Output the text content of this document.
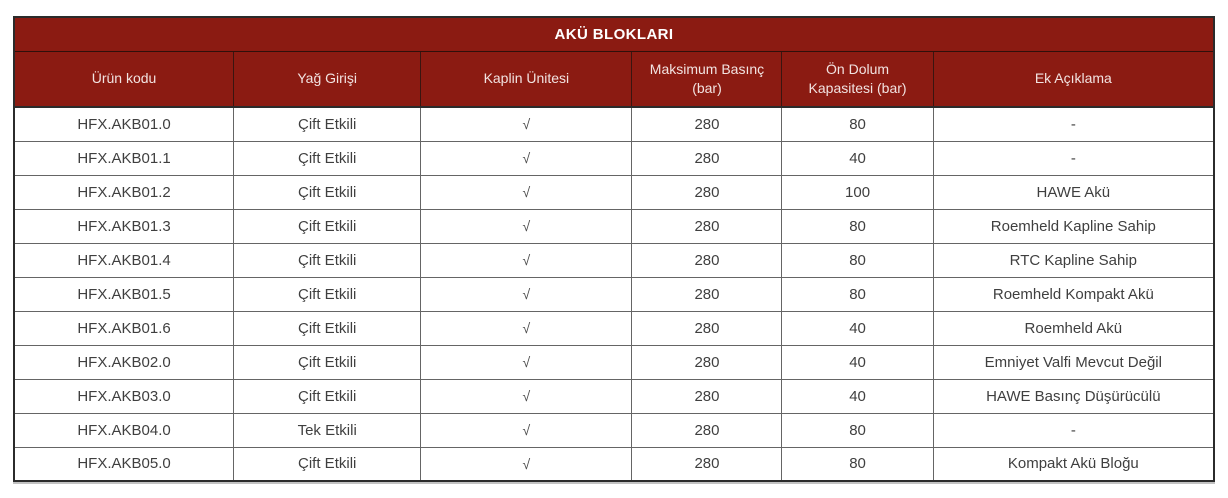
AKÜ BLOKLARI					
Ürün kodu	Yağ Girişi	Kaplin Ünitesi	Maksimum Basınç (bar)	Ön Dolum Kapasitesi (bar)	Ek Açıklama
HFX.AKB01.0	Çift Etkili	√	280	80	-
HFX.AKB01.1	Çift Etkili	√	280	40	-
HFX.AKB01.2	Çift Etkili	√	280	100	HAWE Akü
HFX.AKB01.3	Çift Etkili	√	280	80	Roemheld Kapline Sahip
HFX.AKB01.4	Çift Etkili	√	280	80	RTC Kapline Sahip
HFX.AKB01.5	Çift Etkili	√	280	80	Roemheld Kompakt Akü
HFX.AKB01.6	Çift Etkili	√	280	40	Roemheld Akü
HFX.AKB02.0	Çift Etkili	√	280	40	Emniyet Valfi Mevcut Değil
HFX.AKB03.0	Çift Etkili	√	280	40	HAWE Basınç Düşürücülü
HFX.AKB04.0	Tek Etkili	√	280	80	-
HFX.AKB05.0	Çift Etkili	√	280	80	Kompakt Akü Bloğu
